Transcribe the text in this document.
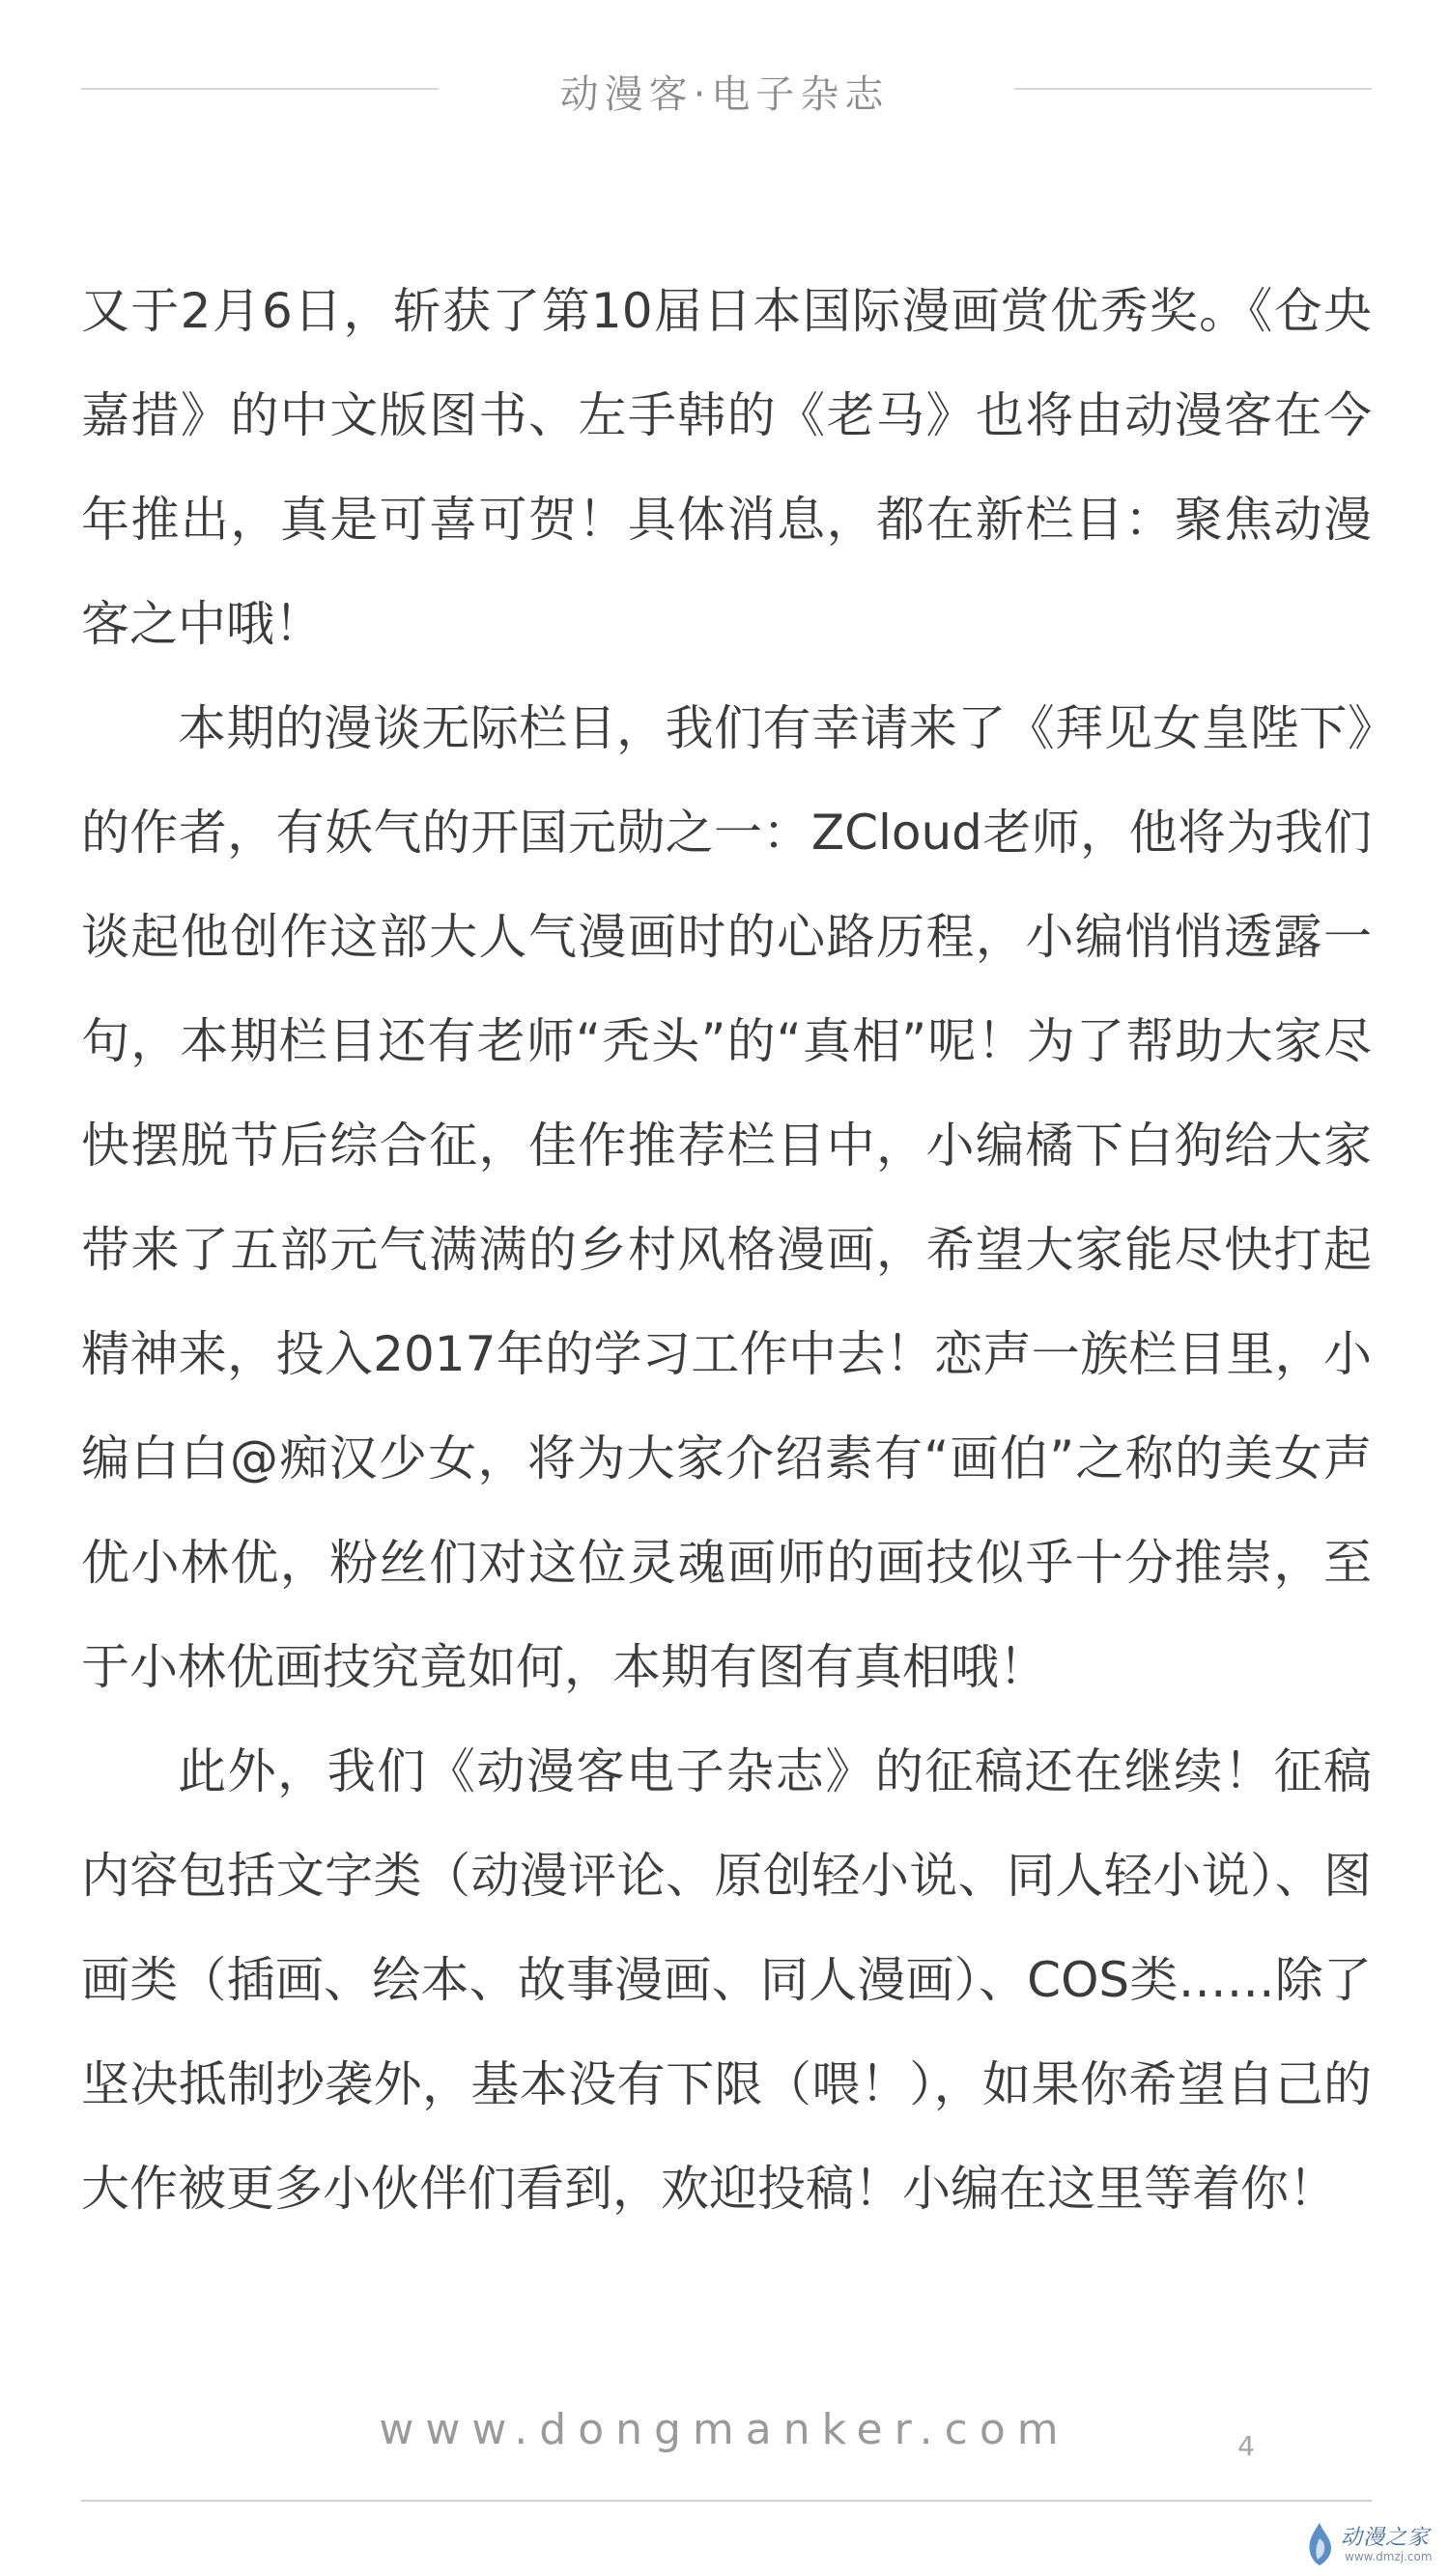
动漫客·电子杂志

又于2月6日，斩获了第10届日本国际漫画赏优秀奖。《仓央嘉措》的中文版图书、左手韩的《老马》也将由动漫客在今年推出，真是可喜可贺！具体消息，都在新栏目：聚焦动漫客之中哦！

本期的漫谈无际栏目，我们有幸请来了《拜见女皇陛下》的作者，有妖气的开国元勋之一：ZCloud老师，他将为我们谈起他创作这部大人气漫画时的心路历程，小编悄悄透露一句，本期栏目还有老师“秃头”的“真相”呢！为了帮助大家尽快摆脱节后综合征，佳作推荐栏目中，小编橘下白狗给大家带来了五部元气满满的乡村风格漫画，希望大家能尽快打起精神来，投入2017年的学习工作中去！恋声一族栏目里，小编白白@痴汉少女，将为大家介绍素有“画伯”之称的美女声优小林优，粉丝们对这位灵魂画师的画技似乎十分推崇，至于小林优画技究竟如何，本期有图有真相哦！

此外，我们《动漫客电子杂志》的征稿还在继续！征稿内容包括文字类（动漫评论、原创轻小说、同人轻小说）、图画类（插画、绘本、故事漫画、同人漫画）、COS类……除了坚决抵制抄袭外，基本没有下限（喂！），如果你希望自己的大作被更多小伙伴们看到，欢迎投稿！小编在这里等着你！

www.dongmanker.com	4
动漫之家
www.dmzj.com
